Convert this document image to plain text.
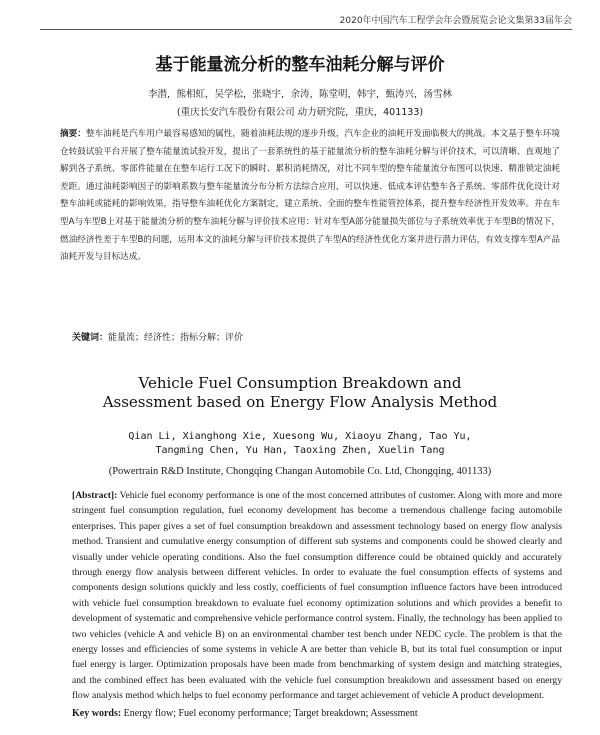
2020年中国汽车工程学会年会暨展览会论文集第33届年会
基于能量流分析的整车油耗分解与评价
李潜，熊相虹，吴学松，张晓宇，余涛，陈堂明，韩宇，甄涛兴，汤雪林
(重庆长安汽车股份有限公司 动力研究院，重庆，401133)

摘要：整车油耗是汽车用户最容易感知的属性，随着油耗法规的逐步升级，汽车企业的油耗开发面临极大的挑战。本文基于整车环境仓转鼓试验平台开展了整车能量流试验开发，提出了一套系统性的基于能量流分析的整车油耗分解与评价技术，可以清晰、直观地了解到各子系统、零部件能量在在整车运行工况下的瞬时、累积消耗情况，对比不同车型的整车能量流分布图可以快速、精准锁定油耗差距。通过油耗影响因子的影响系数与整车能量流分布分析方法综合应用，可以快速、低成本评估整车各子系统、零部件优化设计对整车油耗或能耗的影响效果，指导整车油耗优化方案制定，建立系统、全面的整车性能管控体系，提升整车经济性开发效率。并在车型A与车型B上对基于能量流分析的整车油耗分解与评价技术应用：针对车型A部分能量损失部位与子系统效率优于车型B的情况下，燃油经济性差于车型B的问题，运用本文的油耗分解与评价技术提供了车型A的经济性优化方案并进行潜力评估，有效支撑车型A产品油耗开发与目标达成。

关键词：能量流；经济性；指标分解；评价
Vehicle Fuel Consumption Breakdown and
Assessment based on Energy Flow Analysis Method
Qian Li, Xianghong Xie, Xuesong Wu, Xiaoyu Zhang, Tao Yu,
Tangming Chen, Yu Han, Taoxing Zhen, Xuelin Tang
(Powertrain R&D Institute, Chongqing Changan Automobile Co. Ltd, Chongqing, 401133)

[Abstract]: Vehicle fuel economy performance is one of the most concerned attributes of customer. Along with more and more stringent fuel consumption regulation, fuel economy development has become a tremendous challenge facing automobile enterprises. This paper gives a set of fuel consumption breakdown and assessment technology based on energy flow analysis method. Transient and cumulative energy consumption of different sub systems and components could be showed clearly and visually under vehicle operating conditions. Also the fuel consumption difference could be obtained quickly and accurately through energy flow analysis between different vehicles. In order to evaluate the fuel consumption effects of systems and components design solutions quickly and less costly, coefficients of fuel consumption influence factors have been introduced with vehicle fuel consumption breakdown to evaluate fuel economy optimization solutions and which provides a benefit to development of systematic and comprehensive vehicle performance control system. Finally, the technology has been applied to two vehicles (vehicle A and vehicle B) on an environmental chamber test bench under NEDC cycle. The problem is that the energy losses and efficiencies of some systems in vehicle A are better than vehicle B, but its total fuel consumption or input fuel energy is larger. Optimization proposals have been made from benchmarking of system design and matching strategies, and the combined effect has been evaluated with the vehicle fuel consumption breakdown and assessment based on energy flow analysis method which helps to fuel economy performance and target achievement of vehicle A product development.

Key words: Energy flow; Fuel economy performance; Target breakdown; Assessment
